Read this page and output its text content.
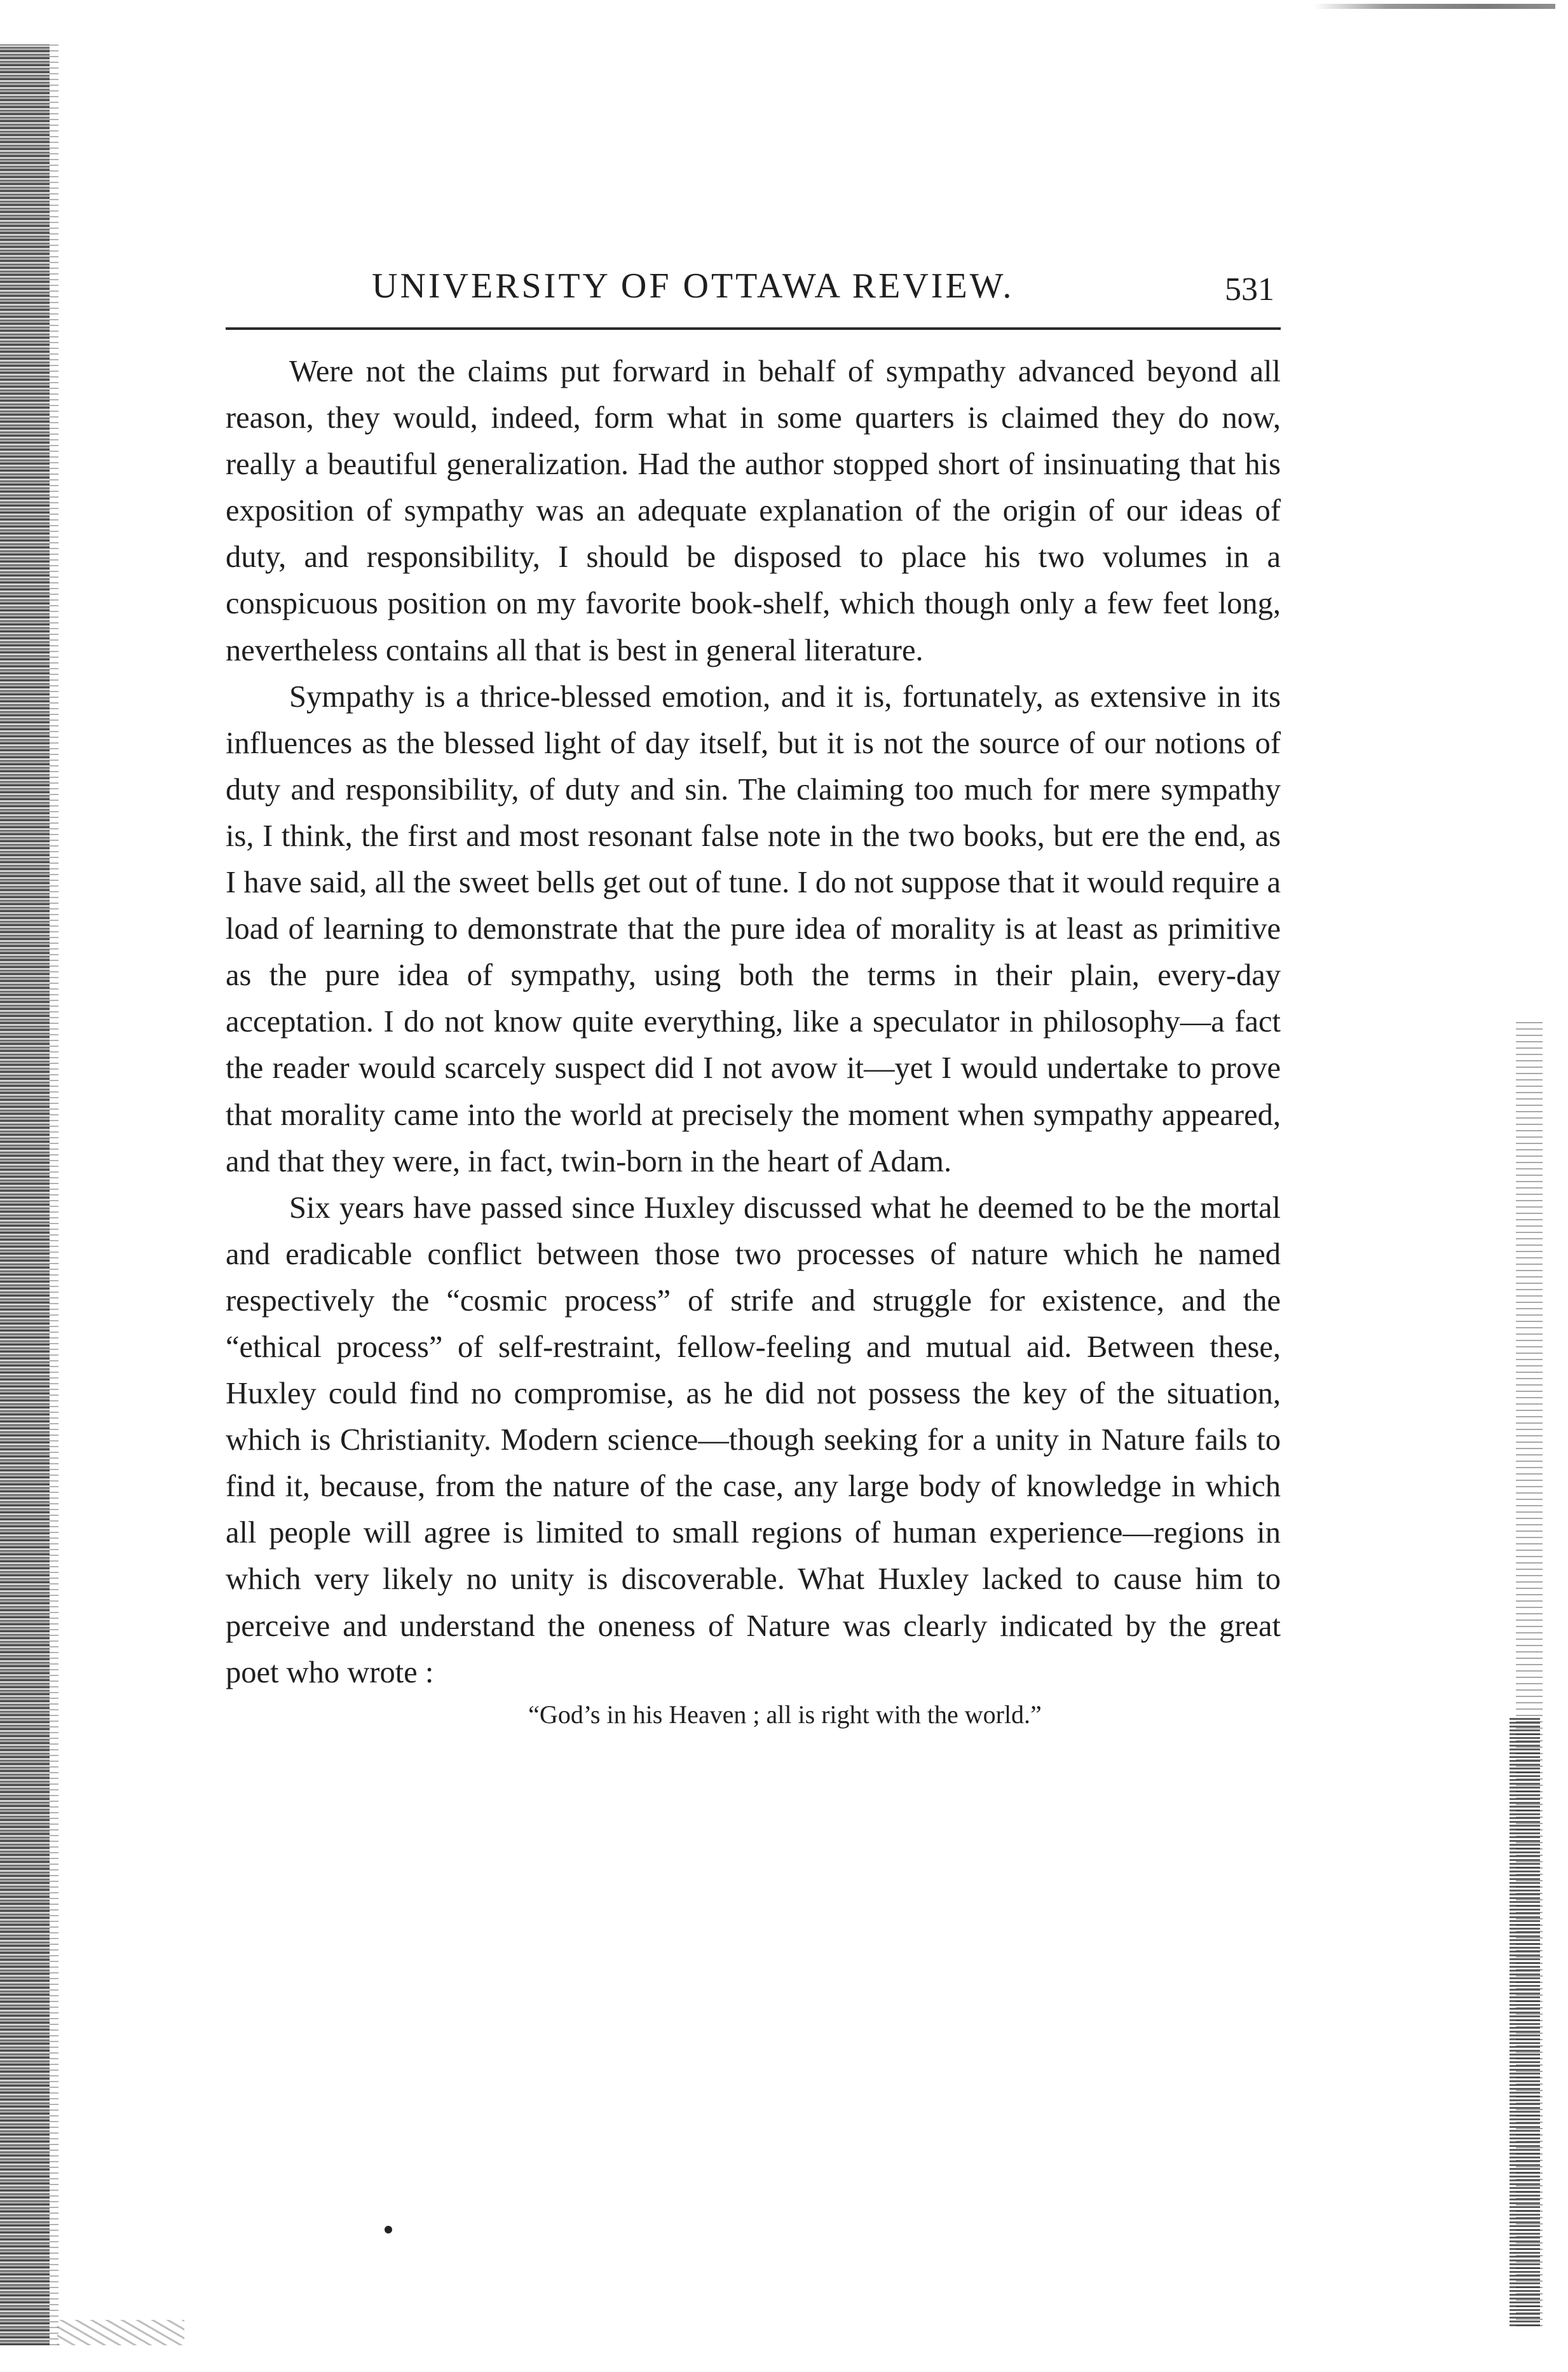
UNIVERSITY OF OTTAWA REVIEW.	531

Were not the claims put forward in behalf of sympathy advanced beyond all reason, they would, indeed, form what in some quarters is claimed they do now, really a beautiful generalization. Had the author stopped short of insinuating that his exposition of sympathy was an adequate explanation of the origin of our ideas of duty, and responsibility, I should be disposed to place his two volumes in a conspicuous position on my favorite book-shelf, which though only a few feet long, nevertheless contains all that is best in general literature.

Sympathy is a thrice-blessed emotion, and it is, fortunately, as extensive in its influences as the blessed light of day itself, but it is not the source of our notions of duty and responsibility, of duty and sin. The claiming too much for mere sympathy is, I think, the first and most resonant false note in the two books, but ere the end, as I have said, all the sweet bells get out of tune. I do not suppose that it would require a load of learning to demonstrate that the pure idea of morality is at least as primitive as the pure idea of sympathy, using both the terms in their plain, every-day acceptation. I do not know quite everything, like a speculator in philosophy—a fact the reader would scarcely suspect did I not avow it—yet I would undertake to prove that morality came into the world at precisely the moment when sympathy appeared, and that they were, in fact, twin-born in the heart of Adam.

Six years have passed since Huxley discussed what he deemed to be the mortal and eradicable conflict between those two processes of nature which he named respectively the “cosmic process” of strife and struggle for existence, and the “ethical process” of self-restraint, fellow-feeling and mutual aid. Between these, Huxley could find no compromise, as he did not possess the key of the situation, which is Christianity. Modern science—though seeking for a unity in Nature fails to find it, because, from the nature of the case, any large body of knowledge in which all people will agree is limited to small regions of human experience—regions in which very likely no unity is discoverable. What Huxley lacked to cause him to perceive and understand the oneness of Nature was clearly indicated by the great poet who wrote :

“God’s in his Heaven ; all is right with the world.”
